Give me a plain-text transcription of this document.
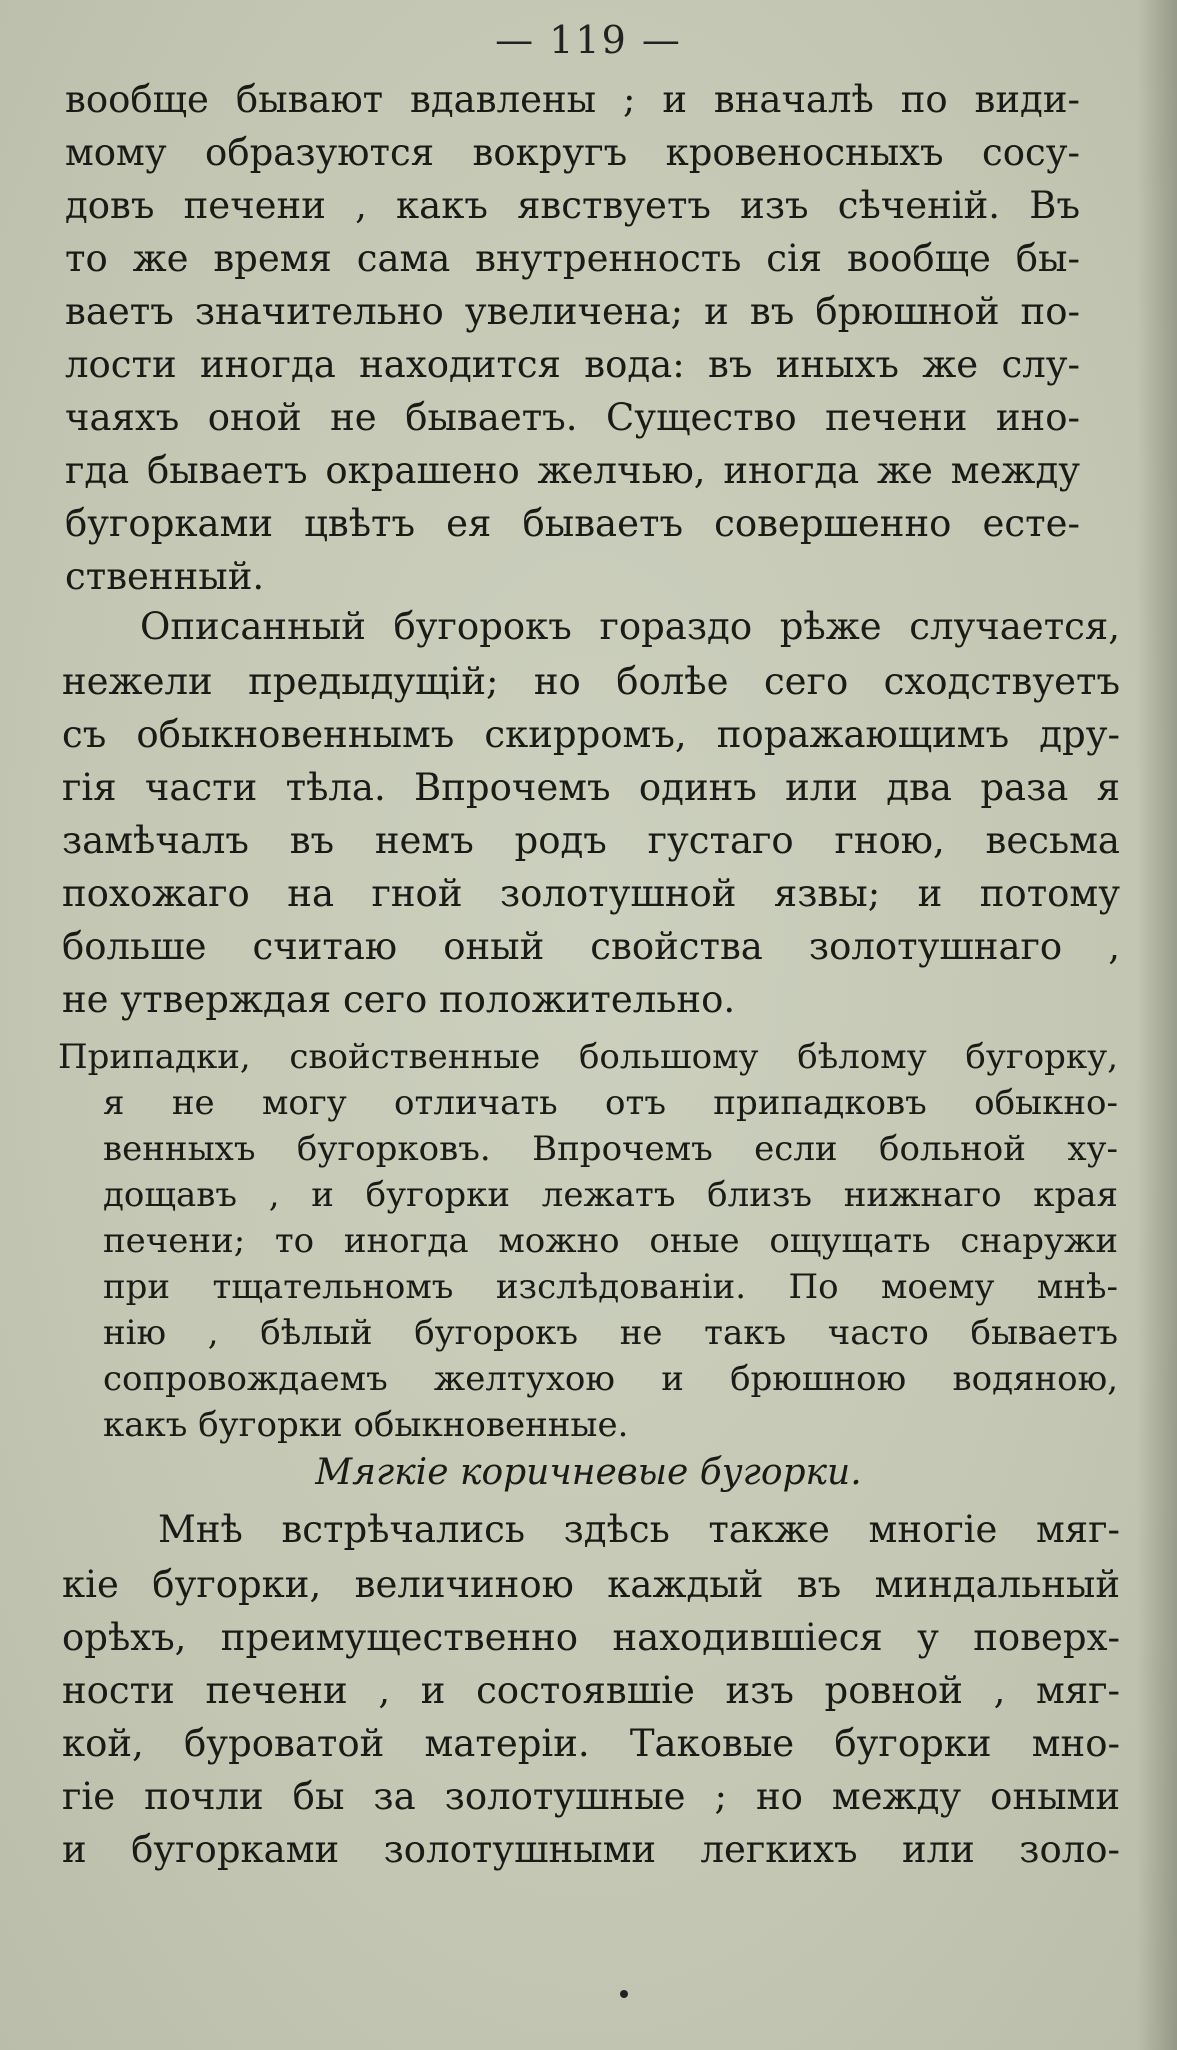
— 119 —
вообще бывают вдавлены ; и вначалѣ по види-
мому образуются вокругъ кровеносныхъ сосу-
довъ печени , какъ явствуетъ изъ сѣченій. Въ
то же время сама внутренность сія вообще бы-
ваетъ значительно увеличена; и въ брюшной по-
лости иногда находится вода: въ иныхъ же слу-
чаяхъ оной не бываетъ. Существо печени ино-
гда бываетъ окрашено желчью, иногда же между
бугорками цвѣтъ ея бываетъ совершенно есте-
ственный.
Описанный бугорокъ гораздо рѣже случается,
нежели предыдущій; но болѣе сего сходствуетъ
съ обыкновеннымъ скирромъ, поражающимъ дру-
гія части тѣла. Впрочемъ одинъ или два раза я
замѣчалъ въ немъ родъ густаго гною, весьма
похожаго на гной золотушной язвы; и потому
больше считаю оный свойства золотушнаго ,
не утверждая сего положительно.
Припадки, свойственные большому бѣлому бугорку,
я не могу отличать отъ припадковъ обыкно-
венныхъ бугорковъ. Впрочемъ если больной ху-
дощавъ , и бугорки лежатъ близъ нижнаго края
печени; то иногда можно оные ощущать снаружи
при тщательномъ изслѣдованіи. По моему мнѣ-
нію , бѣлый бугорокъ не такъ часто бываетъ
сопровождаемъ желтухою и брюшною водяною,
какъ бугорки обыкновенные.
Мягкіе коричневые бугорки.
Мнѣ встрѣчались здѣсь также многіе мяг-
кіе бугорки, величиною каждый въ миндальный
орѣхъ, преимущественно находившіеся у поверх-
ности печени , и состоявшіе изъ ровной , мяг-
кой, буроватой матеріи. Таковые бугорки мно-
гіе почли бы за золотушные ; но между оными
и бугорками золотушными легкихъ или золо-
